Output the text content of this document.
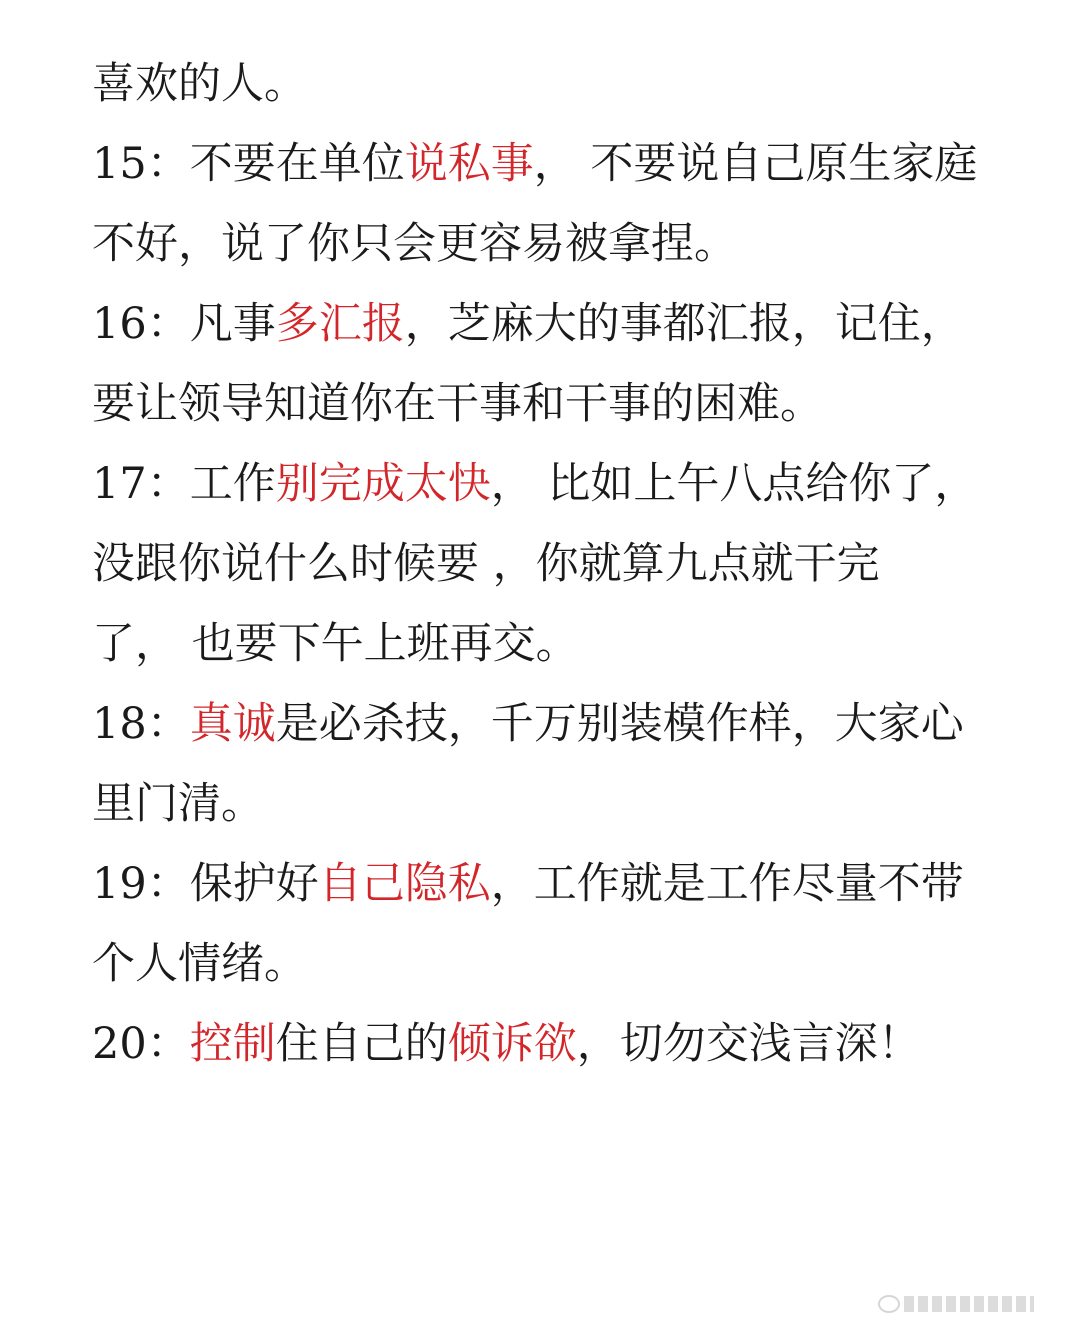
喜欢的人。
15：不要在单位说私事， 不要说自己原生家庭
不好，说了你只会更容易被拿捏。
16：凡事多汇报，芝麻大的事都汇报，记住，
要让领导知道你在干事和干事的困难。
17：工作别完成太快， 比如上午八点给你了，
没跟你说什么时候要 ，你就算九点就干完
了， 也要下午上班再交。
18：真诚是必杀技，千万别装模作样，大家心
里门清。
19：保护好自己隐私，工作就是工作尽量不带
个人情绪。
20：控制住自己的倾诉欲，切勿交浅言深！
